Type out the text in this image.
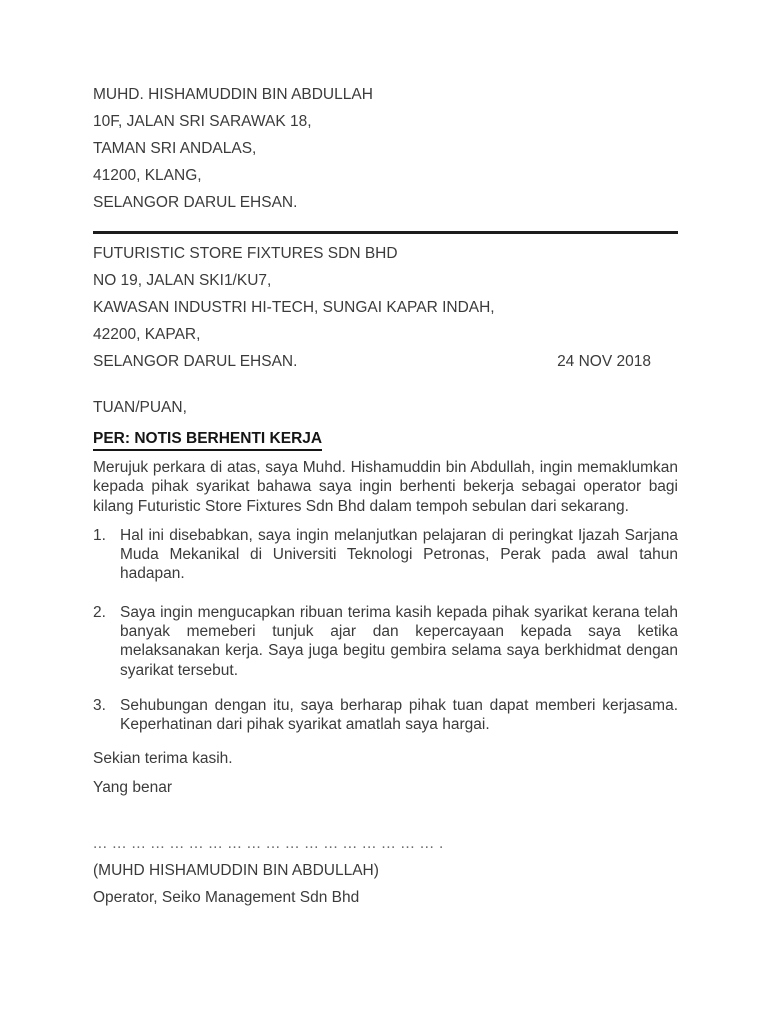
MUHD. HISHAMUDDIN BIN ABDULLAH

10F, JALAN SRI SARAWAK 18,

TAMAN SRI ANDALAS,

41200, KLANG,

SELANGOR DARUL EHSAN.

FUTURISTIC STORE FIXTURES SDN BHD

NO 19, JALAN SKI1/KU7,

KAWASAN INDUSTRI HI-TECH, SUNGAI KAPAR INDAH,

42200, KAPAR,

SELANGOR DARUL EHSAN.	24 NOV 2018

TUAN/PUAN,

PER: NOTIS BERHENTI KERJA

Merujuk perkara di atas, saya Muhd. Hishamuddin bin Abdullah, ingin memaklumkan kepada pihak syarikat bahawa saya ingin berhenti bekerja sebagai operator bagi kilang Futuristic Store Fixtures Sdn Bhd dalam tempoh sebulan dari sekarang.

1. Hal ini disebabkan, saya ingin melanjutkan pelajaran di peringkat Ijazah Sarjana Muda Mekanikal di Universiti Teknologi Petronas, Perak pada awal tahun hadapan.
2. Saya ingin mengucapkan ribuan terima kasih kepada pihak syarikat kerana telah banyak memeberi tunjuk ajar dan kepercayaan kepada saya ketika melaksanakan kerja. Saya juga begitu gembira selama saya berkhidmat dengan syarikat tersebut.
3. Sehubungan dengan itu, saya berharap pihak tuan dapat memberi kerjasama. Keperhatinan dari pihak syarikat amatlah saya hargai.

Sekian terima kasih.

Yang benar

... ... ... ... ... ... ... ... ... ... ... ... ... ... ... ... ... ... .

(MUHD HISHAMUDDIN BIN ABDULLAH)

Operator, Seiko Management Sdn Bhd
